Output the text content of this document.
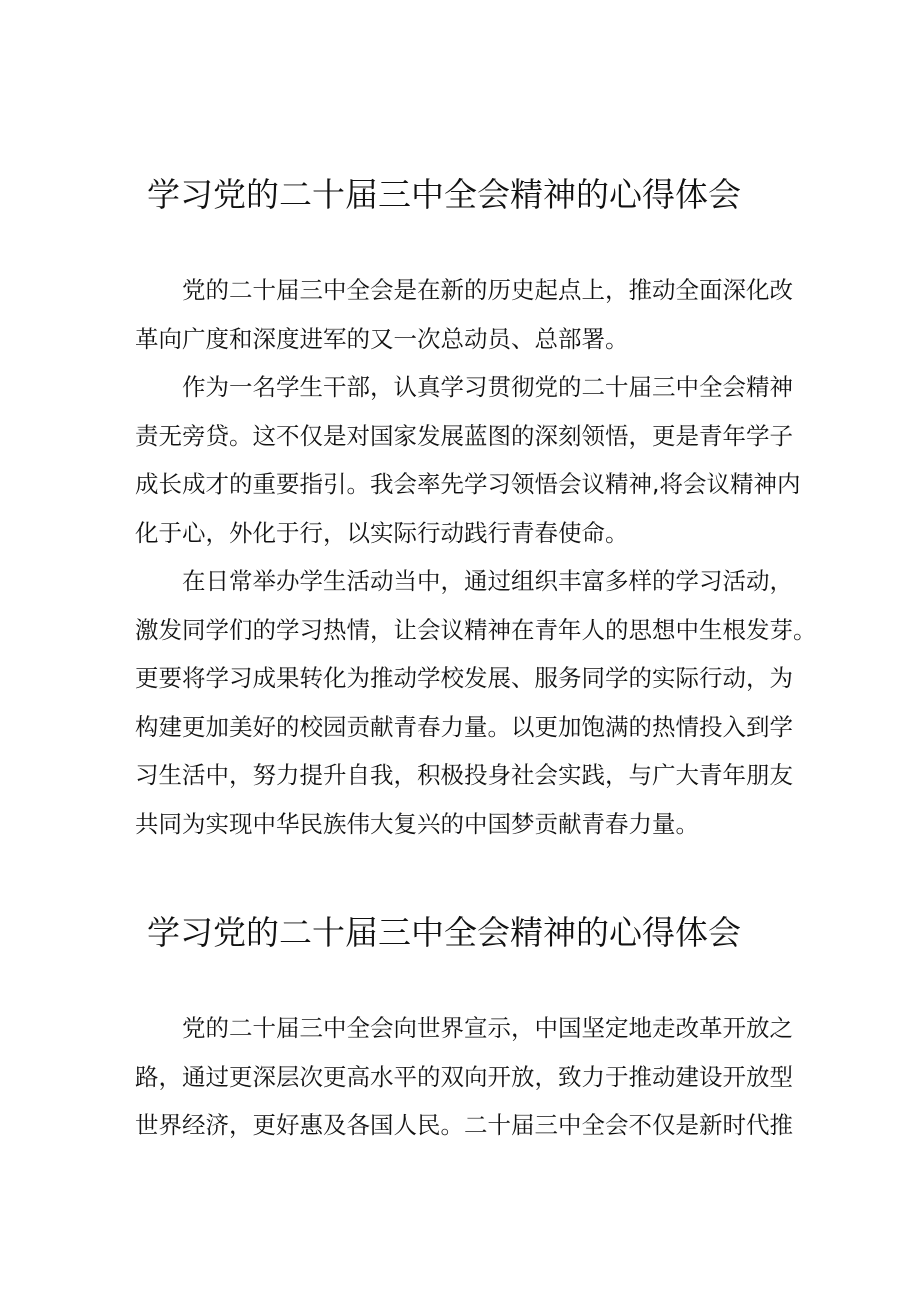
学习党的二十届三中全会精神的心得体会
党的二十届三中全会是在新的历史起点上，推动全面深化改
革向广度和深度进军的又一次总动员、总部署。
作为一名学生干部，认真学习贯彻党的二十届三中全会精神
责无旁贷。这不仅是对国家发展蓝图的深刻领悟，更是青年学子
成长成才的重要指引。我会率先学习领悟会议精神,将会议精神内
化于心，外化于行，以实际行动践行青春使命。
在日常举办学生活动当中，通过组织丰富多样的学习活动，
激发同学们的学习热情，让会议精神在青年人的思想中生根发芽。
更要将学习成果转化为推动学校发展、服务同学的实际行动，为
构建更加美好的校园贡献青春力量。以更加饱满的热情投入到学
习生活中，努力提升自我，积极投身社会实践，与广大青年朋友
共同为实现中华民族伟大复兴的中国梦贡献青春力量。
学习党的二十届三中全会精神的心得体会
党的二十届三中全会向世界宣示，中国坚定地走改革开放之
路，通过更深层次更高水平的双向开放，致力于推动建设开放型
世界经济，更好惠及各国人民。二十届三中全会不仅是新时代推
